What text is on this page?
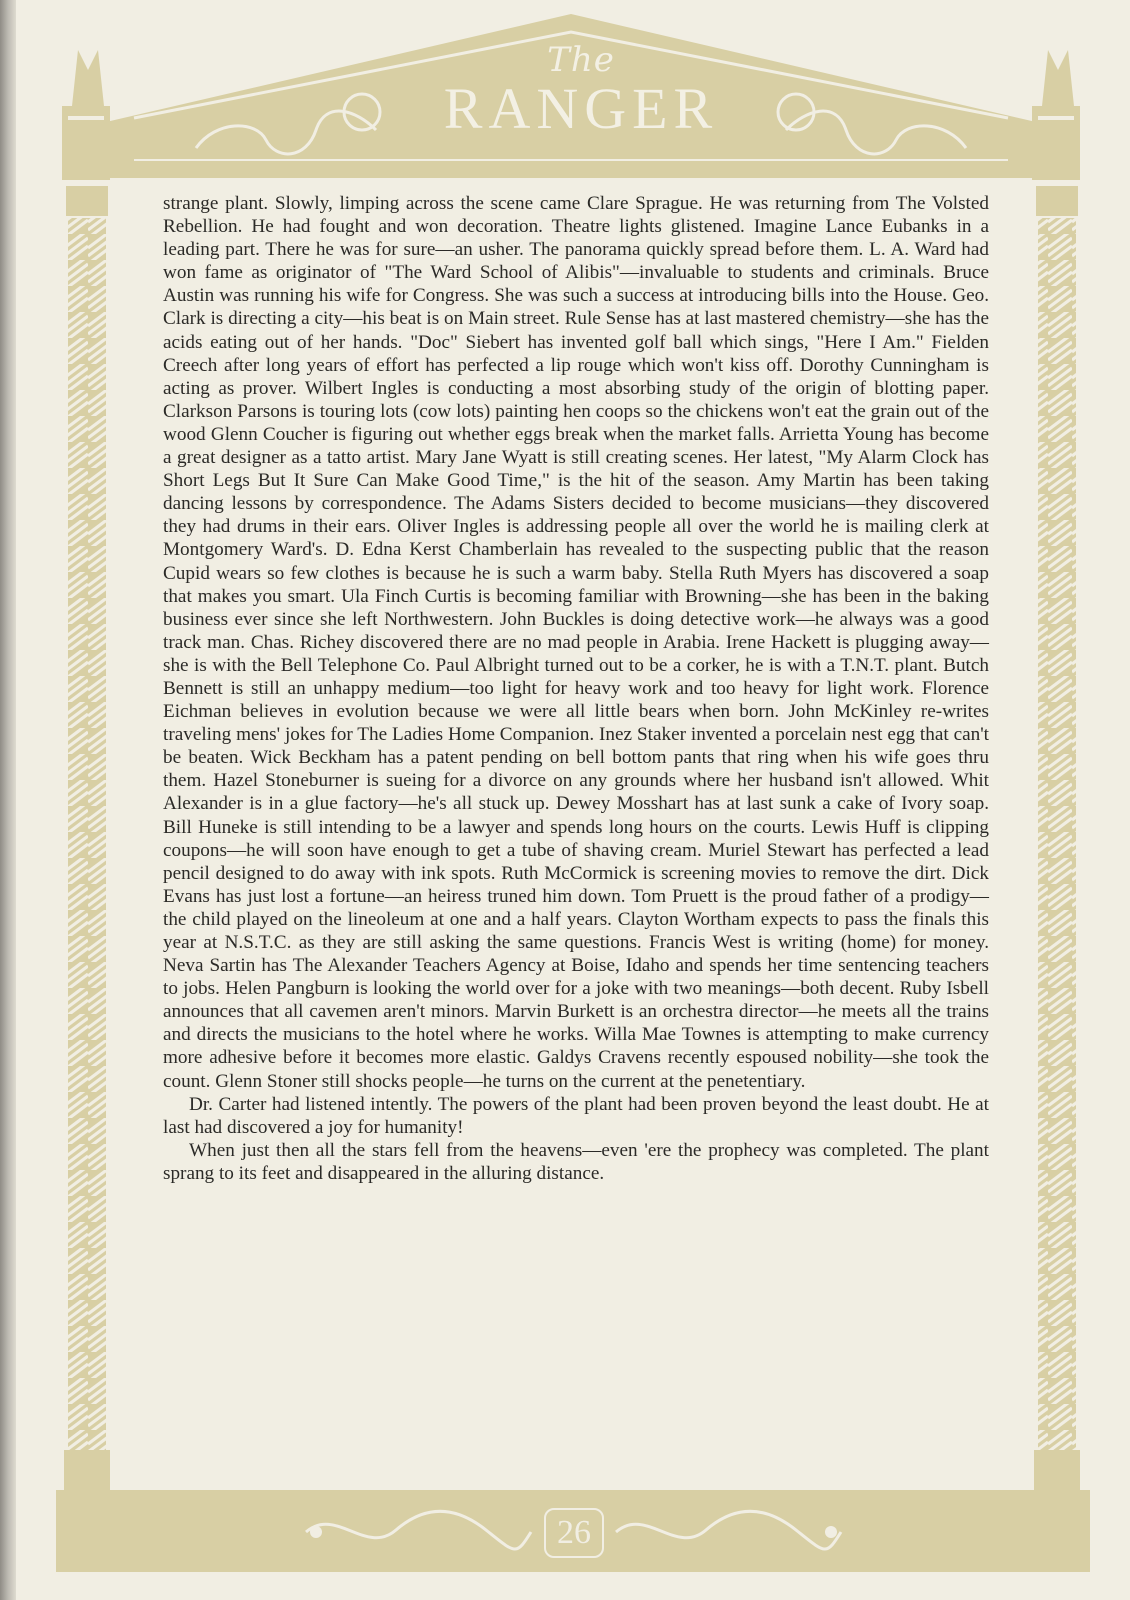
The
RANGER

strange plant. Slowly, limping across the scene came Clare Sprague. He was returning from The Volsted Rebellion. He had fought and won decoration. Theatre lights glistened. Imagine Lance Eubanks in a leading part. There he was for sure—an usher. The panorama quickly spread before them. L. A. Ward had won fame as originator of "The Ward School of Alibis"—invaluable to students and criminals. Bruce Austin was running his wife for Congress. She was such a success at introducing bills into the House. Geo. Clark is directing a city—his beat is on Main street. Rule Sense has at last mastered chemistry—she has the acids eating out of her hands. "Doc" Siebert has invented golf ball which sings, "Here I Am." Fielden Creech after long years of effort has perfected a lip rouge which won't kiss off. Dorothy Cunningham is acting as prover. Wilbert Ingles is conducting a most absorbing study of the origin of blotting paper. Clarkson Parsons is touring lots (cow lots) painting hen coops so the chickens won't eat the grain out of the wood Glenn Coucher is figuring out whether eggs break when the market falls. Arrietta Young has become a great designer as a tatto artist. Mary Jane Wyatt is still creating scenes. Her latest, "My Alarm Clock has Short Legs But It Sure Can Make Good Time," is the hit of the season. Amy Martin has been taking dancing lessons by correspondence. The Adams Sisters decided to become musicians—they discovered they had drums in their ears. Oliver Ingles is addressing people all over the world he is mailing clerk at Montgomery Ward's. D. Edna Kerst Chamberlain has revealed to the suspecting public that the reason Cupid wears so few clothes is because he is such a warm baby. Stella Ruth Myers has discovered a soap that makes you smart. Ula Finch Curtis is becoming familiar with Browning—she has been in the baking business ever since she left Northwestern. John Buckles is doing detective work—he always was a good track man. Chas. Richey discovered there are no mad people in Arabia. Irene Hackett is plugging away—she is with the Bell Telephone Co. Paul Albright turned out to be a corker, he is with a T.N.T. plant. Butch Bennett is still an unhappy medium—too light for heavy work and too heavy for light work. Florence Eichman believes in evolution because we were all little bears when born. John McKinley re-writes traveling mens' jokes for The Ladies Home Companion. Inez Staker invented a porcelain nest egg that can't be beaten. Wick Beckham has a patent pending on bell bottom pants that ring when his wife goes thru them. Hazel Stoneburner is sueing for a divorce on any grounds where her husband isn't allowed. Whit Alexander is in a glue factory—he's all stuck up. Dewey Mosshart has at last sunk a cake of Ivory soap. Bill Huneke is still intending to be a lawyer and spends long hours on the courts. Lewis Huff is clipping coupons—he will soon have enough to get a tube of shaving cream. Muriel Stewart has perfected a lead pencil designed to do away with ink spots. Ruth McCormick is screening movies to remove the dirt. Dick Evans has just lost a fortune—an heiress truned him down. Tom Pruett is the proud father of a prodigy—the child played on the lineoleum at one and a half years. Clayton Wortham expects to pass the finals this year at N.S.T.C. as they are still asking the same questions. Francis West is writing (home) for money. Neva Sartin has The Alexander Teachers Agency at Boise, Idaho and spends her time sentencing teachers to jobs. Helen Pangburn is looking the world over for a joke with two meanings—both decent. Ruby Isbell announces that all cavemen aren't minors. Marvin Burkett is an orchestra director—he meets all the trains and directs the musicians to the hotel where he works. Willa Mae Townes is attempting to make currency more adhesive before it becomes more elastic. Galdys Cravens recently espoused nobility—she took the count. Glenn Stoner still shocks people—he turns on the current at the penetentiary.

Dr. Carter had listened intently. The powers of the plant had been proven beyond the least doubt. He at last had discovered a joy for humanity!

When just then all the stars fell from the heavens—even 'ere the prophecy was completed. The plant sprang to its feet and disappeared in the alluring distance.

26
